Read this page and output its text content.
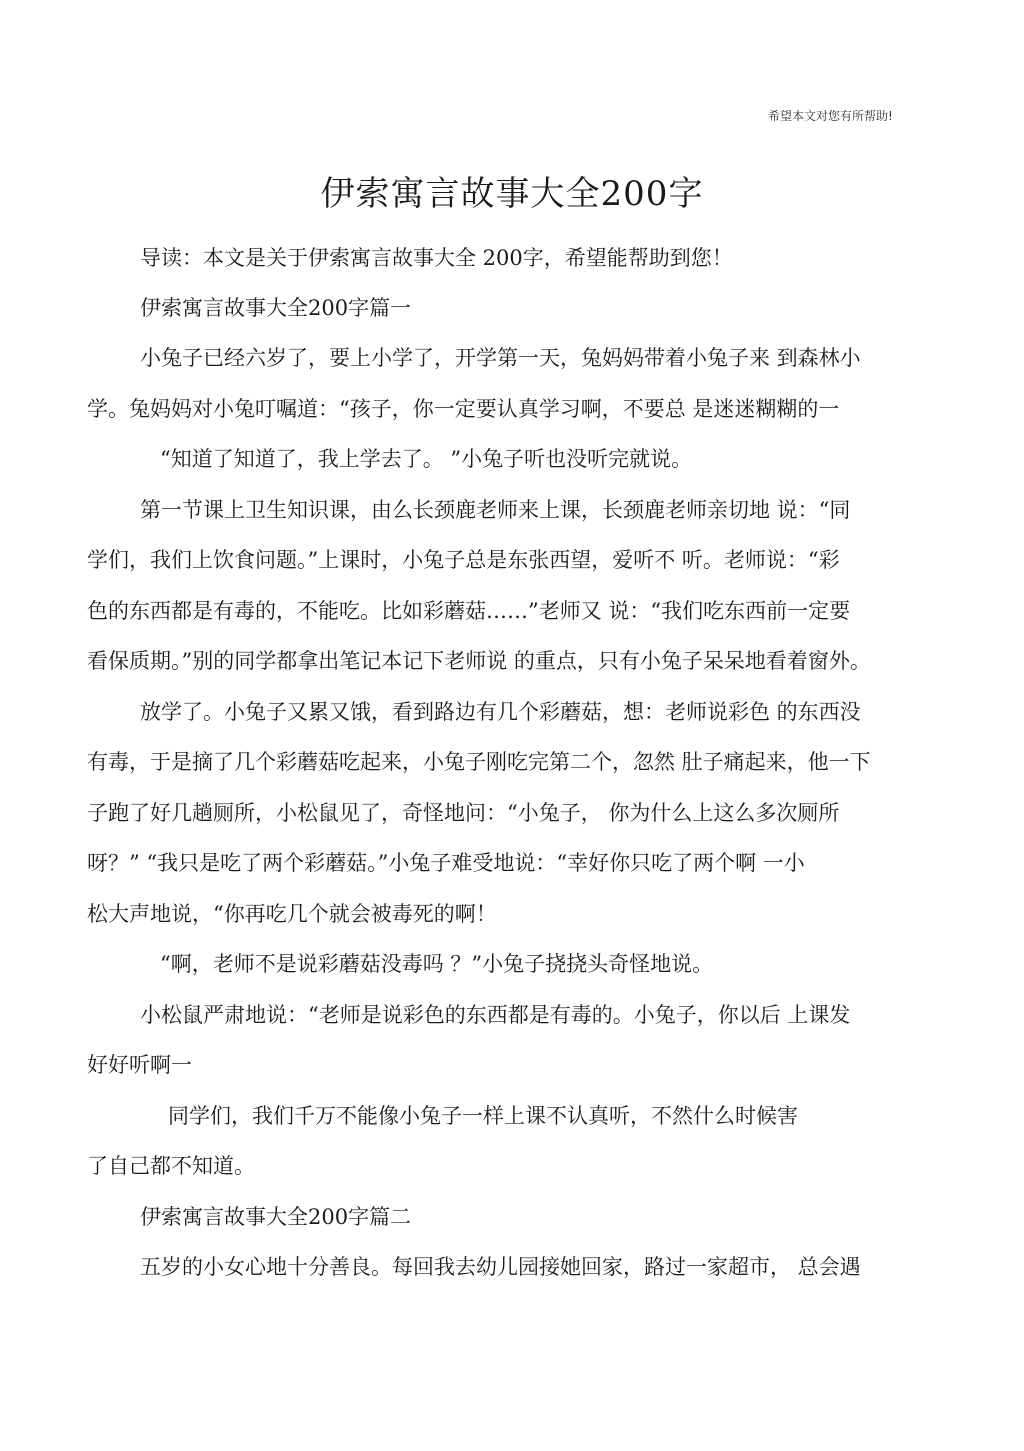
希望本文对您有所帮助!
伊索寓言故事大全200字
导读：本文是关于伊索寓言故事大全 200字，希望能帮助到您！
伊索寓言故事大全200字篇一
小兔子已经六岁了，要上小学了，开学第一天，兔妈妈带着小兔子来 到森林小
学。兔妈妈对小兔叮嘱道：“孩子，你一定要认真学习啊，不要总 是迷迷糊糊的一
“知道了知道了，我上学去了。 ”小兔子听也没听完就说。
第一节课上卫生知识课，由么长颈鹿老师来上课，长颈鹿老师亲切地 说：“同
学们，我们上饮食问题。”上课时，小兔子总是东张西望，爱听不 听。老师说：“彩
色的东西都是有毒的，不能吃。比如彩蘑菇……”老师又 说：“我们吃东西前一定要
看保质期。”别的同学都拿出笔记本记下老师说 的重点，只有小兔子呆呆地看着窗外。
放学了。小兔子又累又饿，看到路边有几个彩蘑菇，想：老师说彩色 的东西没
有毒，于是摘了几个彩蘑菇吃起来，小兔子刚吃完第二个，忽然 肚子痛起来，他一下
子跑了好几趟厕所，小松鼠见了，奇怪地问：“小兔子， 你为什么上这么多次厕所
呀？” “我只是吃了两个彩蘑菇。”小兔子难受地说：“幸好你只吃了两个啊 一小
松大声地说，“你再吃几个就会被毒死的啊！
“啊，老师不是说彩蘑菇没毒吗 ？”小兔子挠挠头奇怪地说。
小松鼠严肃地说：“老师是说彩色的东西都是有毒的。小兔子，你以后 上课发
好好听啊一
同学们，我们千万不能像小兔子一样上课不认真听，不然什么时候害
了自己都不知道。
伊索寓言故事大全200字篇二
五岁的小女心地十分善良。每回我去幼儿园接她回家，路过一家超市， 总会遇
